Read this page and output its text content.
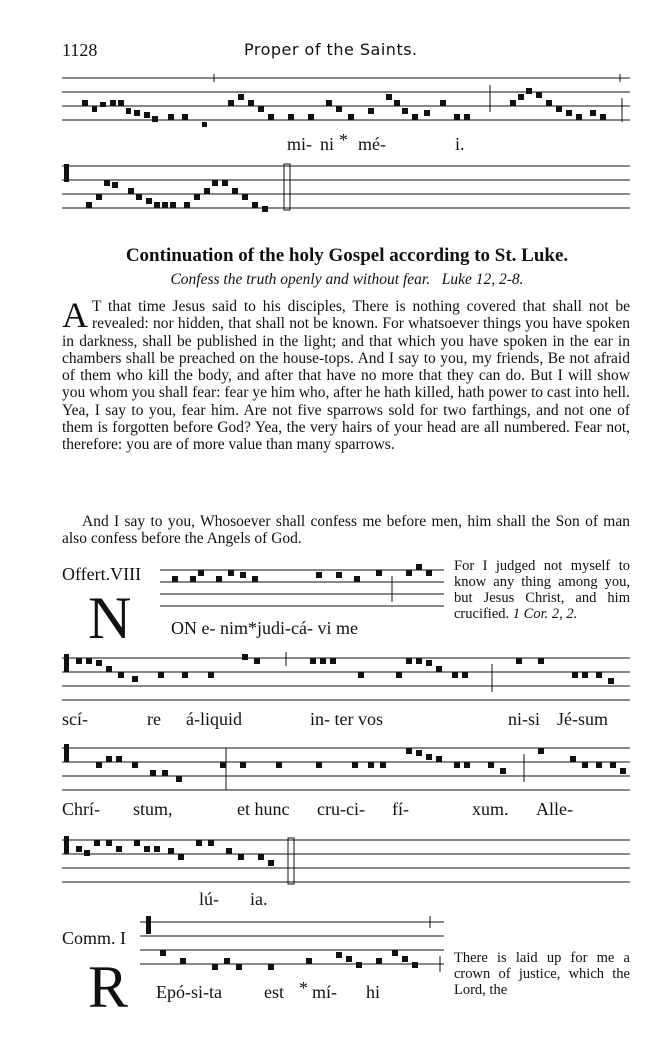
1128	Proper of the Saints.
mi- ni * mé-	i.
Continuation of the holy Gospel according to St. Luke.
Confess the truth openly and without fear. Luke 12, 2-8.
A T that time Jesus said to his disciples, There is nothing covered that shall not be revealed: nor hidden, that shall not be known. For whatsoever things you have spoken in darkness, shall be published in the light; and that which you have spoken in the ear in chambers shall be preached on the house-tops. And I say to you, my friends, Be not afraid of them who kill the body, and after that have no more that they can do. But I will show you whom you shall fear: fear ye him who, after he hath killed, hath power to cast into hell. Yea, I say to you, fear him. Are not five sparrows sold for two farthings, and not one of them is forgotten before God? Yea, the very hairs of your head are all numbered. Fear not, therefore: you are of more value than many sparrows.
And I say to you, Whosoever shall confess me before men, him shall the Son of man also confess before the Angels of God.
Offert.VIII
N ON e- nim*judi-cá- vi me
For I judged not myself to know any thing among you, but Jesus Christ, and him crucified. 1 Cor. 2, 2.
scí-	re á-liquid	in- ter vos	ni-si Jé-sum
Chrí- stum,	et hunc cru-ci- fí-	xum. Alle-
lú- ia.
Comm. I
R Epó-si-ta est * mí- hi
There is laid up for me a crown of justice, which the Lord, the
